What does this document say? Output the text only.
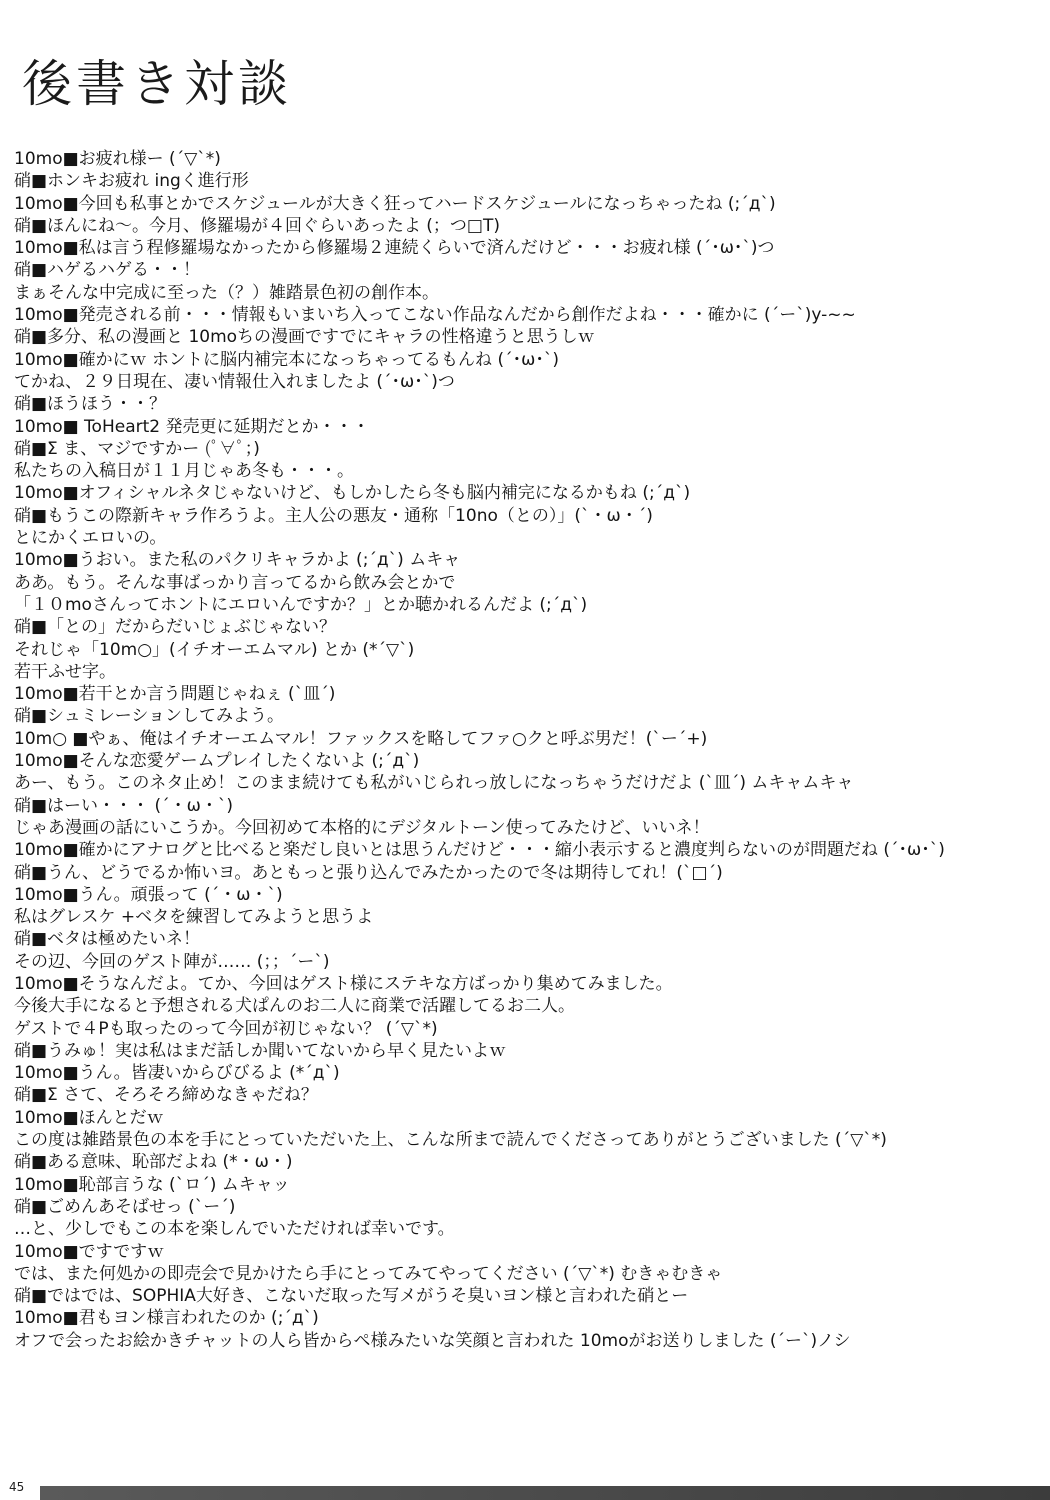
後書き対談
10mo■お疲れ様ー (´▽`*)
硝■ホンキお疲れ ingく進行形
10mo■今回も私事とかでスケジュールが大きく狂ってハードスケジュールになっちゃったね (;´д`)
硝■ほんにね～。今月、修羅場が４回ぐらいあったよ (；つ□T)
10mo■私は言う程修羅場なかったから修羅場２連続くらいで済んだけど・・・お疲れ様 (´･ω･`)つ
硝■ハゲるハゲる・・！
まぁそんな中完成に至った（？）雑踏景色初の創作本。
10mo■発売される前・・・情報もいまいち入ってこない作品なんだから創作だよね・・・確かに (´ー`)y-~~
硝■多分、私の漫画と 10moちの漫画ですでにキャラの性格違うと思うしｗ
10mo■確かにｗ ホントに脳内補完本になっちゃってるもんね (´･ω･`)
てかね、２９日現在、凄い情報仕入れましたよ (´･ω･`)つ
硝■ほうほう・・？
10mo■ ToHeart2 発売更に延期だとか・・・
硝■Σ ま、マジですかー (ﾟ∀ﾟ；)
私たちの入稿日が１１月じゃあ冬も・・・。
10mo■オフィシャルネタじゃないけど、もしかしたら冬も脳内補完になるかもね (;´д`)
硝■もうこの際新キャラ作ろうよ。主人公の悪友・通称「10no（との）」(`・ω・´)
とにかくエロいの。
10mo■うおい。また私のパクリキャラかよ (;´д`) ムキャ
ああ。もう。そんな事ばっかり言ってるから飲み会とかで
「１０moさんってホントにエロいんですか？」とか聴かれるんだよ (;´д`)
硝■「との」だからだいじょぶじゃない？
それじゃ「10m○」(イチオーエムマル) とか (*´▽`)
若干ふせ字。
10mo■若干とか言う問題じゃねぇ (`皿´)
硝■シュミレーションしてみよう。
10m○ ■やぁ、俺はイチオーエムマル！ファックスを略してファ○クと呼ぶ男だ！(`ー´+)
10mo■そんな恋愛ゲームプレイしたくないよ (;´д`)
あー、もう。このネタ止め！このまま続けても私がいじられっ放しになっちゃうだけだよ (`皿´) ムキャムキャ
硝■はーい・・・ (´・ω・`)
じゃあ漫画の話にいこうか。今回初めて本格的にデジタルトーン使ってみたけど、いいネ！
10mo■確かにアナログと比べると楽だし良いとは思うんだけど・・・縮小表示すると濃度判らないのが問題だね (´･ω･`)
硝■うん、どうでるか怖いヨ。あともっと張り込んでみたかったので冬は期待してれ！(`□´)
10mo■うん。頑張って (´・ω・`)
私はグレスケ +ベタを練習してみようと思うよ
硝■ベタは極めたいネ！
その辺、今回のゲスト陣が…… (；；´ー`)
10mo■そうなんだよ。てか、今回はゲスト様にステキな方ばっかり集めてみました。
今後大手になると予想される犬ぱんのお二人に商業で活躍してるお二人。
ゲストで４Pも取ったのって今回が初じゃない？ (´▽`*)
硝■うみゅ！実は私はまだ話しか聞いてないから早く見たいよｗ
10mo■うん。皆凄いからびびるよ (*´д`)
硝■Σ さて、そろそろ締めなきゃだね？
10mo■ほんとだｗ
この度は雑踏景色の本を手にとっていただいた上、こんな所まで読んでくださってありがとうございました (´▽`*)
硝■ある意味、恥部だよね (*・ω・)
10mo■恥部言うな (`ロ´) ムキャッ
硝■ごめんあそばせっ (`ー´)
…と、少しでもこの本を楽しんでいただければ幸いです。
10mo■ですですｗ
では、また何処かの即売会で見かけたら手にとってみてやってください (´▽`*) むきゃむきゃ
硝■ではでは、SOPHIA大好き、こないだ取った写メがうそ臭いヨン様と言われた硝とー
10mo■君もヨン様言われたのか (;´д`)
オフで会ったお絵かきチャットの人ら皆からペ様みたいな笑顔と言われた 10moがお送りしました (´ー`)ノシ
45
